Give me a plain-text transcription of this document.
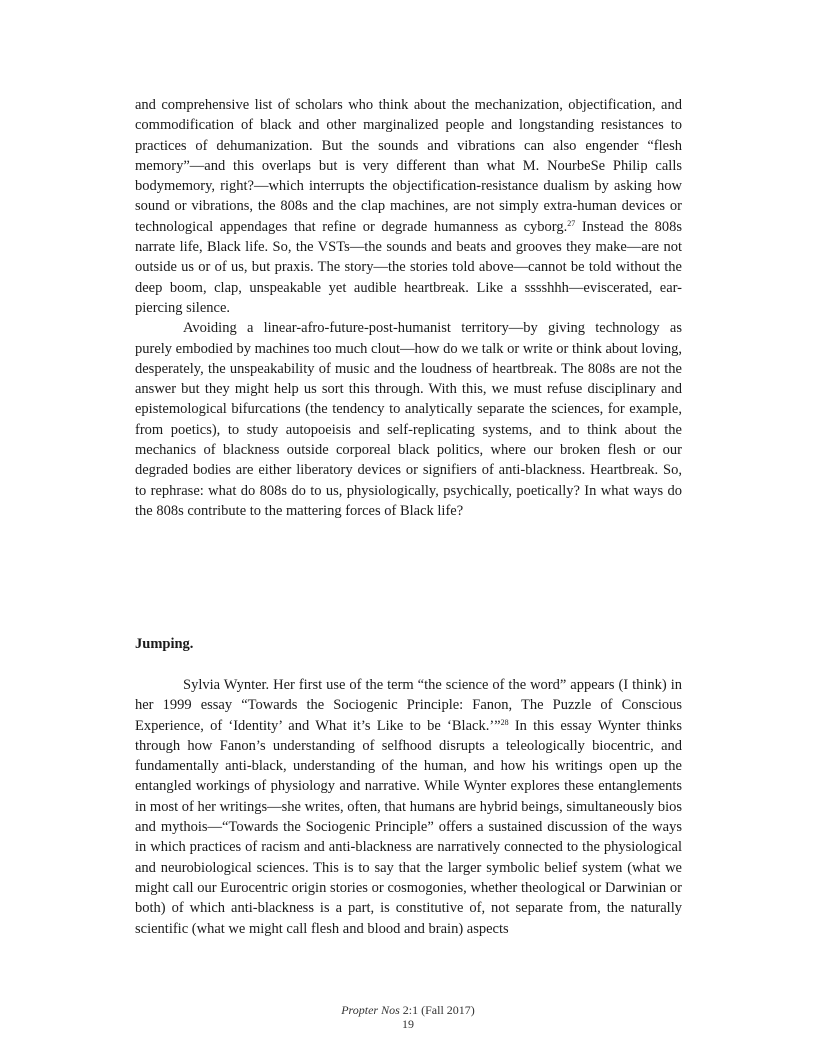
and comprehensive list of scholars who think about the mechanization, objectification, and commodification of black and other marginalized people and longstanding resistances to practices of dehumanization. But the sounds and vibrations can also engender “flesh memory”—and this overlaps but is very different than what M. NourbeSe Philip calls bodymemory, right?—which interrupts the objectification-resistance dualism by asking how sound or vibrations, the 808s and the clap machines, are not simply extra-human devices or technological appendages that refine or degrade humanness as cyborg.$^{27}$ Instead the 808s narrate life, Black life. So, the VSTs—the sounds and beats and grooves they make—are not outside us or of us, but praxis. The story—the stories told above—cannot be told without the deep boom, clap, unspeakable yet audible heartbreak. Like a sssshhh—eviscerated, ear-piercing silence.

Avoiding a linear-afro-future-post-humanist territory—by giving technology as purely embodied by machines too much clout—how do we talk or write or think about loving, desperately, the unspeakability of music and the loudness of heartbreak. The 808s are not the answer but they might help us sort this through. With this, we must refuse disciplinary and epistemological bifurcations (the tendency to analytically separate the sciences, for example, from poetics), to study autopoeisis and self-replicating systems, and to think about the mechanics of blackness outside corporeal black politics, where our broken flesh or our degraded bodies are either liberatory devices or signifiers of anti-blackness. Heartbreak. So, to rephrase: what do 808s do to us, physiologically, psychically, poetically? In what ways do the 808s contribute to the mattering forces of Black life?

Jumping.

Sylvia Wynter. Her first use of the term “the science of the word” appears (I think) in her 1999 essay “Towards the Sociogenic Principle: Fanon, The Puzzle of Conscious Experience, of ‘Identity’ and What it’s Like to be ‘Black.’”$^{28}$ In this essay Wynter thinks through how Fanon’s understanding of selfhood disrupts a teleologically biocentric, and fundamentally anti-black, understanding of the human, and how his writings open up the entangled workings of physiology and narrative. While Wynter explores these entanglements in most of her writings—she writes, often, that humans are hybrid beings, simultaneously bios and mythois—“Towards the Sociogenic Principle” offers a sustained discussion of the ways in which practices of racism and anti-blackness are narratively connected to the physiological and neurobiological sciences. This is to say that the larger symbolic belief system (what we might call our Eurocentric origin stories or cosmogonies, whether theological or Darwinian or both) of which anti-blackness is a part, is constitutive of, not separate from, the naturally scientific (what we might call flesh and blood and brain) aspects

Propter Nos 2:1 (Fall 2017)
19
